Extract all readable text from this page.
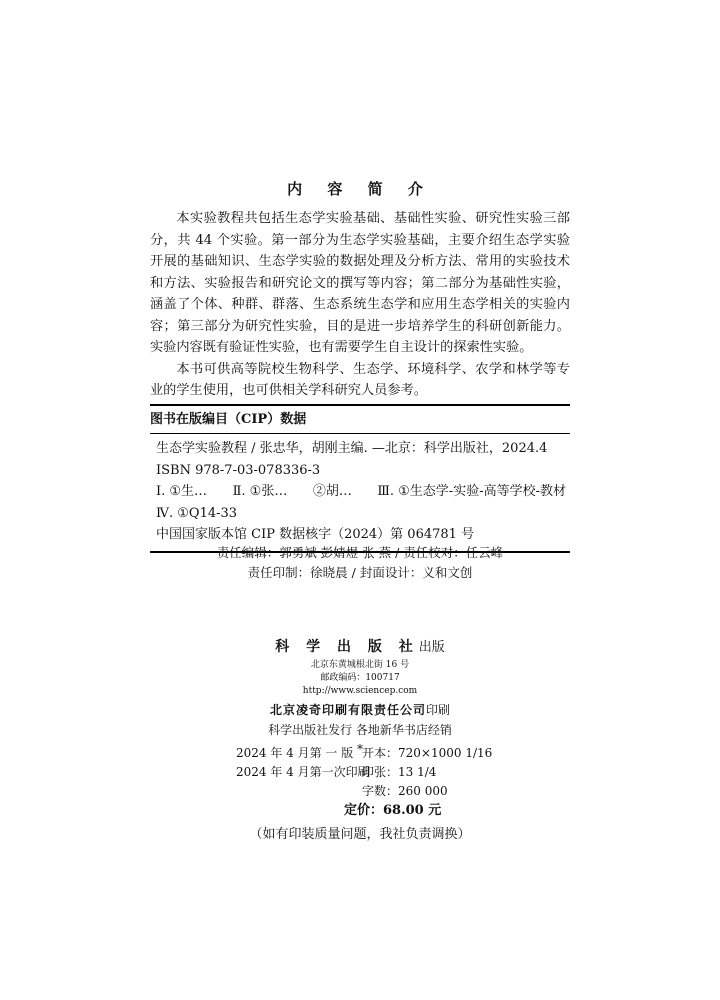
内 容 简 介

本实验教程共包括生态学实验基础、基础性实验、研究性实验三部分，共 44 个实验。第一部分为生态学实验基础，主要介绍生态学实验开展的基础知识、生态学实验的数据处理及分析方法、常用的实验技术和方法、实验报告和研究论文的撰写等内容；第二部分为基础性实验，涵盖了个体、种群、群落、生态系统生态学和应用生态学相关的实验内容；第三部分为研究性实验，目的是进一步培养学生的科研创新能力。实验内容既有验证性实验，也有需要学生自主设计的探索性实验。

本书可供高等院校生物科学、生态学、环境科学、农学和林学等专业的学生使用，也可供相关学科研究人员参考。

图书在版编目（CIP）数据
生态学实验教程 / 张忠华，胡刚主编. —北京：科学出版社，2024.4
ISBN 978-7-03-078336-3
Ⅰ. ①生… Ⅱ. ①张… ②胡… Ⅲ. ①生态学-实验-高等学校-教材
Ⅳ. ①Q14-33
中国国家版本馆 CIP 数据核字（2024）第 064781 号
责任编辑：郭勇斌 彭婧煜 张 燕 / 责任校对：任云峰
责任印制：徐晓晨 / 封面设计：义和文创
科 学 出 版 社出版
北京东黄城根北街 16 号
邮政编码：100717
http://www.sciencep.com
北京凌奇印刷有限责任公司印刷
科学出版社发行 各地新华书店经销
*
2024 年 4 月第 一 版 开本：720×1000 1/16
2024 年 4 月第一次印刷
印张：13 1/4
字数：260 000
定价：68.00 元
（如有印装质量问题，我社负责调换）
